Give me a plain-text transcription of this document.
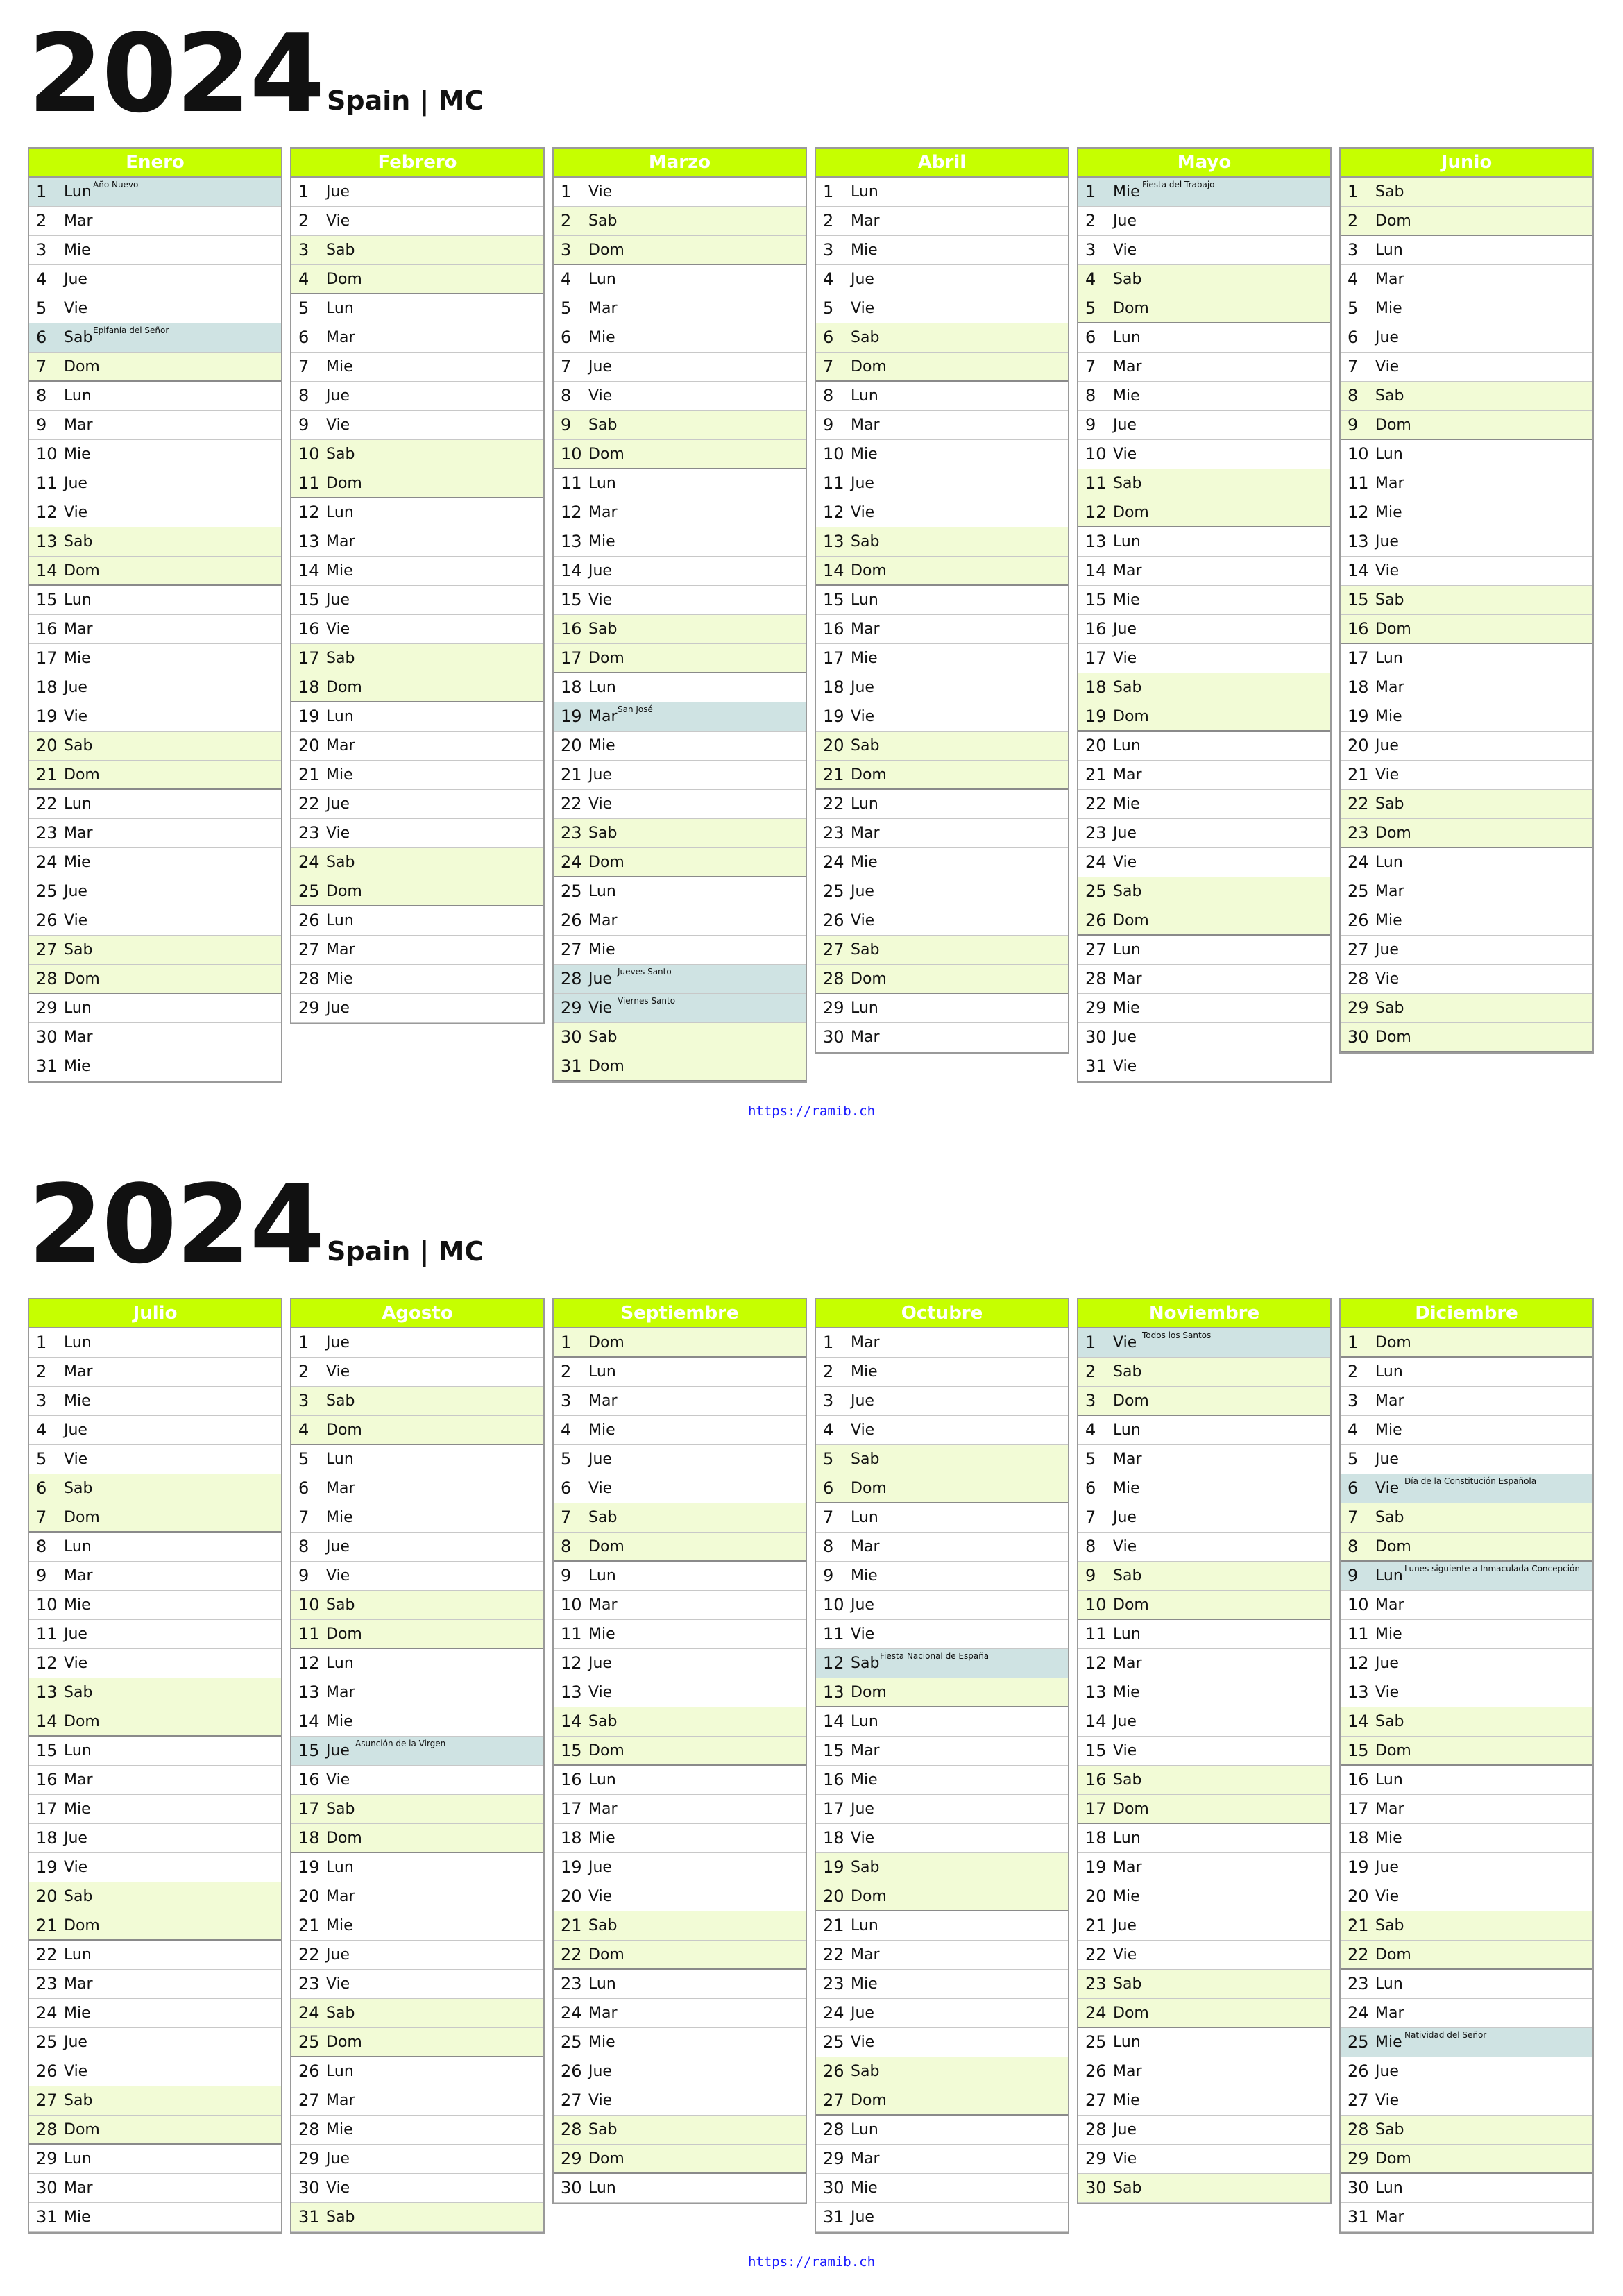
2024 Spain | MC
Enero
1 Lun Año Nuevo
2 Mar
3 Mie
4 Jue
5 Vie
6 Sab Epifanía del Señor
7 Dom
8 Lun
9 Mar
10 Mie
11 Jue
12 Vie
13 Sab
14 Dom
15 Lun
16 Mar
17 Mie
18 Jue
19 Vie
20 Sab
21 Dom
22 Lun
23 Mar
24 Mie
25 Jue
26 Vie
27 Sab
28 Dom
29 Lun
30 Mar
31 Mie
Febrero
1 Jue
2 Vie
3 Sab
4 Dom
5 Lun
6 Mar
7 Mie
8 Jue
9 Vie
10 Sab
11 Dom
12 Lun
13 Mar
14 Mie
15 Jue
16 Vie
17 Sab
18 Dom
19 Lun
20 Mar
21 Mie
22 Jue
23 Vie
24 Sab
25 Dom
26 Lun
27 Mar
28 Mie
29 Jue
Marzo
1 Vie
2 Sab
3 Dom
4 Lun
5 Mar
6 Mie
7 Jue
8 Vie
9 Sab
10 Dom
11 Lun
12 Mar
13 Mie
14 Jue
15 Vie
16 Sab
17 Dom
18 Lun
19 Mar San José
20 Mie
21 Jue
22 Vie
23 Sab
24 Dom
25 Lun
26 Mar
27 Mie
28 Jue Jueves Santo
29 Vie Viernes Santo
30 Sab
31 Dom
Abril
1 Lun
2 Mar
3 Mie
4 Jue
5 Vie
6 Sab
7 Dom
8 Lun
9 Mar
10 Mie
11 Jue
12 Vie
13 Sab
14 Dom
15 Lun
16 Mar
17 Mie
18 Jue
19 Vie
20 Sab
21 Dom
22 Lun
23 Mar
24 Mie
25 Jue
26 Vie
27 Sab
28 Dom
29 Lun
30 Mar
Mayo
1 Mie Fiesta del Trabajo
2 Jue
3 Vie
4 Sab
5 Dom
6 Lun
7 Mar
8 Mie
9 Jue
10 Vie
11 Sab
12 Dom
13 Lun
14 Mar
15 Mie
16 Jue
17 Vie
18 Sab
19 Dom
20 Lun
21 Mar
22 Mie
23 Jue
24 Vie
25 Sab
26 Dom
27 Lun
28 Mar
29 Mie
30 Jue
31 Vie
Junio
1 Sab
2 Dom
3 Lun
4 Mar
5 Mie
6 Jue
7 Vie
8 Sab
9 Dom
10 Lun
11 Mar
12 Mie
13 Jue
14 Vie
15 Sab
16 Dom
17 Lun
18 Mar
19 Mie
20 Jue
21 Vie
22 Sab
23 Dom
24 Lun
25 Mar
26 Mie
27 Jue
28 Vie
29 Sab
30 Dom
https://ramib.ch
2024 Spain | MC
Julio
1 Lun
2 Mar
3 Mie
4 Jue
5 Vie
6 Sab
7 Dom
8 Lun
9 Mar
10 Mie
11 Jue
12 Vie
13 Sab
14 Dom
15 Lun
16 Mar
17 Mie
18 Jue
19 Vie
20 Sab
21 Dom
22 Lun
23 Mar
24 Mie
25 Jue
26 Vie
27 Sab
28 Dom
29 Lun
30 Mar
31 Mie
Agosto
1 Jue
2 Vie
3 Sab
4 Dom
5 Lun
6 Mar
7 Mie
8 Jue
9 Vie
10 Sab
11 Dom
12 Lun
13 Mar
14 Mie
15 Jue Asunción de la Virgen
16 Vie
17 Sab
18 Dom
19 Lun
20 Mar
21 Mie
22 Jue
23 Vie
24 Sab
25 Dom
26 Lun
27 Mar
28 Mie
29 Jue
30 Vie
31 Sab
Septiembre
1 Dom
2 Lun
3 Mar
4 Mie
5 Jue
6 Vie
7 Sab
8 Dom
9 Lun
10 Mar
11 Mie
12 Jue
13 Vie
14 Sab
15 Dom
16 Lun
17 Mar
18 Mie
19 Jue
20 Vie
21 Sab
22 Dom
23 Lun
24 Mar
25 Mie
26 Jue
27 Vie
28 Sab
29 Dom
30 Lun
Octubre
1 Mar
2 Mie
3 Jue
4 Vie
5 Sab
6 Dom
7 Lun
8 Mar
9 Mie
10 Jue
11 Vie
12 Sab Fiesta Nacional de España
13 Dom
14 Lun
15 Mar
16 Mie
17 Jue
18 Vie
19 Sab
20 Dom
21 Lun
22 Mar
23 Mie
24 Jue
25 Vie
26 Sab
27 Dom
28 Lun
29 Mar
30 Mie
31 Jue
Noviembre
1 Vie Todos los Santos
2 Sab
3 Dom
4 Lun
5 Mar
6 Mie
7 Jue
8 Vie
9 Sab
10 Dom
11 Lun
12 Mar
13 Mie
14 Jue
15 Vie
16 Sab
17 Dom
18 Lun
19 Mar
20 Mie
21 Jue
22 Vie
23 Sab
24 Dom
25 Lun
26 Mar
27 Mie
28 Jue
29 Vie
30 Sab
Diciembre
1 Dom
2 Lun
3 Mar
4 Mie
5 Jue
6 Vie Día de la Constitución Española
7 Sab
8 Dom
9 Lun Lunes siguiente a Inmaculada Concepción
10 Mar
11 Mie
12 Jue
13 Vie
14 Sab
15 Dom
16 Lun
17 Mar
18 Mie
19 Jue
20 Vie
21 Sab
22 Dom
23 Lun
24 Mar
25 Mie Natividad del Señor
26 Jue
27 Vie
28 Sab
29 Dom
30 Lun
31 Mar
https://ramib.ch
